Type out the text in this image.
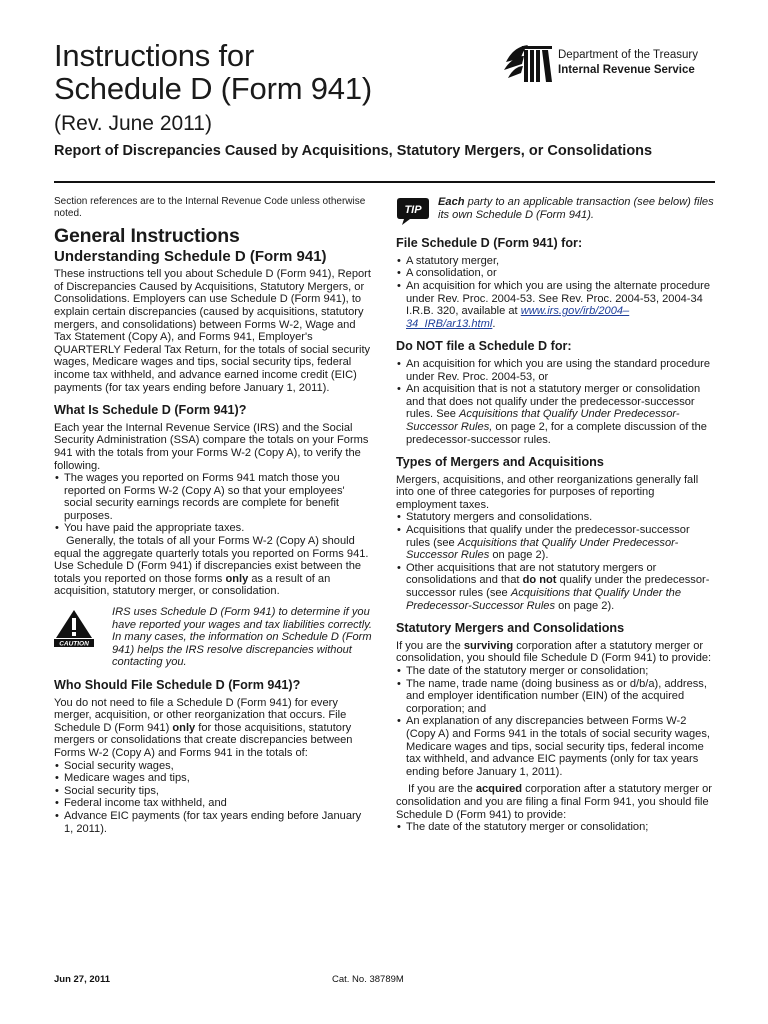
Instructions for
Schedule D (Form 941)
(Rev. June 2011)
Report of Discrepancies Caused by Acquisitions, Statutory Mergers, or Consolidations
Department of the Treasury
Internal Revenue Service

Section references are to the Internal Revenue Code unless otherwise noted.

General Instructions
Understanding Schedule D (Form 941)

These instructions tell you about Schedule D (Form 941), Report of Discrepancies Caused by Acquisitions, Statutory Mergers, or Consolidations. Employers can use Schedule D (Form 941), to explain certain discrepancies (caused by acquisitions, statutory mergers, and consolidations) between Forms W-2, Wage and Tax Statement (Copy A), and Forms 941, Employer's QUARTERLY Federal Tax Return, for the totals of social security wages, Medicare wages and tips, social security tips, federal income tax withheld, and advance earned income credit (EIC) payments (for tax years ending before January 1, 2011).

What Is Schedule D (Form 941)?

Each year the Internal Revenue Service (IRS) and the Social Security Administration (SSA) compare the totals on your Forms 941 with the totals from your Forms W-2 (Copy A), to verify the following.

• The wages you reported on Forms 941 match those you reported on Forms W-2 (Copy A) so that your employees' social security earnings records are complete for benefit purposes.
• You have paid the appropriate taxes.

Generally, the totals of all your Forms W-2 (Copy A) should equal the aggregate quarterly totals you reported on Forms 941. Use Schedule D (Form 941) if discrepancies exist between the totals you reported on those forms only as a result of an acquisition, statutory merger, or consolidation.

CAUTION
IRS uses Schedule D (Form 941) to determine if you have reported your wages and tax liabilities correctly. In many cases, the information on Schedule D (Form 941) helps the IRS resolve discrepancies without contacting you.
Who Should File Schedule D (Form 941)?

You do not need to file a Schedule D (Form 941) for every merger, acquisition, or other reorganization that occurs. File Schedule D (Form 941) only for those acquisitions, statutory mergers or consolidations that create discrepancies between Forms W-2 (Copy A) and Forms 941 in the totals of:

• Social security wages,
• Medicare wages and tips,
• Social security tips,
• Federal income tax withheld, and
• Advance EIC payments (for tax years ending before January 1, 2011).
TIP
Each party to an applicable transaction (see below) files its own Schedule D (Form 941).
File Schedule D (Form 941) for:
• A statutory merger,
• A consolidation, or
• An acquisition for which you are using the alternate procedure under Rev. Proc. 2004-53. See Rev. Proc. 2004-53, 2004-34 I.R.B. 320, available at www.irs.gov/irb/2004–34_IRB/ar13.html.
Do NOT file a Schedule D for:
• An acquisition for which you are using the standard procedure under Rev. Proc. 2004-53, or
• An acquisition that is not a statutory merger or consolidation and that does not qualify under the predecessor-successor rules. See Acquisitions that Qualify Under Predecessor-Successor Rules, on page 2, for a complete discussion of the predecessor-successor rules.
Types of Mergers and Acquisitions

Mergers, acquisitions, and other reorganizations generally fall into one of three categories for purposes of reporting employment taxes.

• Statutory mergers and consolidations.
• Acquisitions that qualify under the predecessor-successor rules (see Acquisitions that Qualify Under Predecessor-Successor Rules on page 2).
• Other acquisitions that are not statutory mergers or consolidations and that do not qualify under the predecessor-successor rules (see Acquisitions that Qualify Under the Predecessor-Successor Rules on page 2).
Statutory Mergers and Consolidations

If you are the surviving corporation after a statutory merger or consolidation, you should file Schedule D (Form 941) to provide:

• The date of the statutory merger or consolidation;
• The name, trade name (doing business as or d/b/a), address, and employer identification number (EIN) of the acquired corporation; and
• An explanation of any discrepancies between Forms W-2 (Copy A) and Forms 941 in the totals of social security wages, Medicare wages and tips, social security tips, federal income tax withheld, and advance EIC payments (only for tax years ending before January 1, 2011).

If you are the acquired corporation after a statutory merger or consolidation and you are filing a final Form 941, you should file Schedule D (Form 941) to provide:

• The date of the statutory merger or consolidation;
Jun 27, 2011	Cat. No. 38789M
